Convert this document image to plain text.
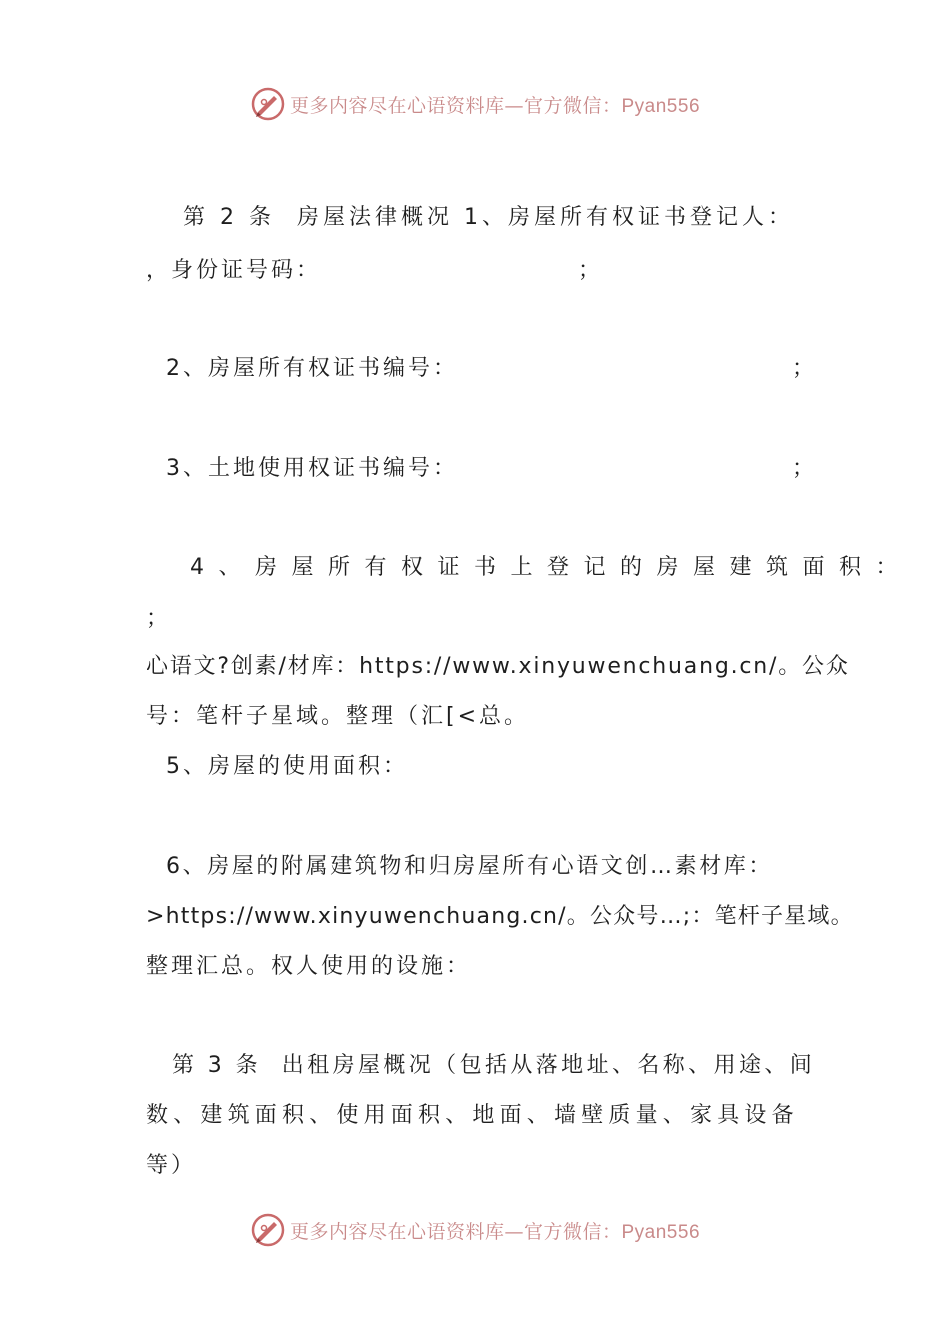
更多内容尽在心语资料库—官方微信：Pyan556
第 2 条  房屋法律概况 1、房屋所有权证书登记人：
，身份证号码：	；
2、房屋所有权证书编号：	；
3、土地使用权证书编号：	；
4、房屋所有权证书上登记的房屋建筑面积：
；
心语文?创素/材库：https://www.xinyuwenchuang.cn/。公众
号：笔杆子星域。整理（汇[<总。
5、房屋的使用面积：
6、房屋的附属建筑物和归房屋所有心语文创…素材库：
>https://www.xinyuwenchuang.cn/。公众号…;：笔杆子星域。
整理汇总。权人使用的设施：
第 3 条  出租房屋概况（包括从落地址、名称、用途、间
数、建筑面积、使用面积、地面、墙壁质量、家具设备
等）
更多内容尽在心语资料库—官方微信：Pyan556
